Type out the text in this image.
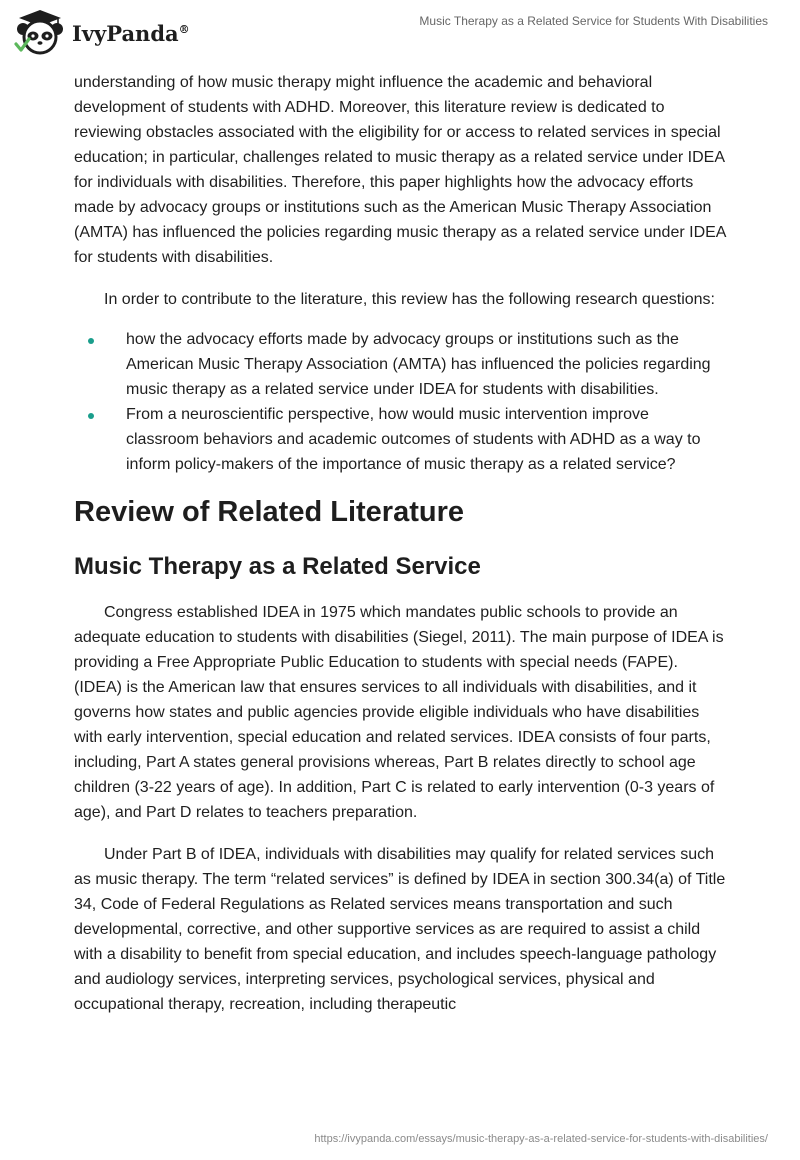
IvyPanda®
Music Therapy as a Related Service for Students With Disabilities

understanding of how music therapy might influence the academic and behavioral development of students with ADHD. Moreover, this literature review is dedicated to reviewing obstacles associated with the eligibility for or access to related services in special education; in particular, challenges related to music therapy as a related service under IDEA for individuals with disabilities. Therefore, this paper highlights how the advocacy efforts made by advocacy groups or institutions such as the American Music Therapy Association (AMTA) has influenced the policies regarding music therapy as a related service under IDEA for students with disabilities.

In order to contribute to the literature, this review has the following research questions:

how the advocacy efforts made by advocacy groups or institutions such as the American Music Therapy Association (AMTA) has influenced the policies regarding music therapy as a related service under IDEA for students with disabilities.
From a neuroscientific perspective, how would music intervention improve classroom behaviors and academic outcomes of students with ADHD as a way to inform policy-makers of the importance of music therapy as a related service?
Review of Related Literature
Music Therapy as a Related Service

Congress established IDEA in 1975 which mandates public schools to provide an adequate education to students with disabilities (Siegel, 2011). The main purpose of IDEA is providing a Free Appropriate Public Education to students with special needs (FAPE). (IDEA) is the American law that ensures services to all individuals with disabilities, and it governs how states and public agencies provide eligible individuals who have disabilities with early intervention, special education and related services. IDEA consists of four parts, including, Part A states general provisions whereas, Part B relates directly to school age children (3-22 years of age). In addition, Part C is related to early intervention (0-3 years of age), and Part D relates to teachers preparation.

Under Part B of IDEA, individuals with disabilities may qualify for related services such as music therapy. The term “related services” is defined by IDEA in section 300.34(a) of Title 34, Code of Federal Regulations as Related services means transportation and such developmental, corrective, and other supportive services as are required to assist a child with a disability to benefit from special education, and includes speech-language pathology and audiology services, interpreting services, psychological services, physical and occupational therapy, recreation, including therapeutic

https://ivypanda.com/essays/music-therapy-as-a-related-service-for-students-with-disabilities/
